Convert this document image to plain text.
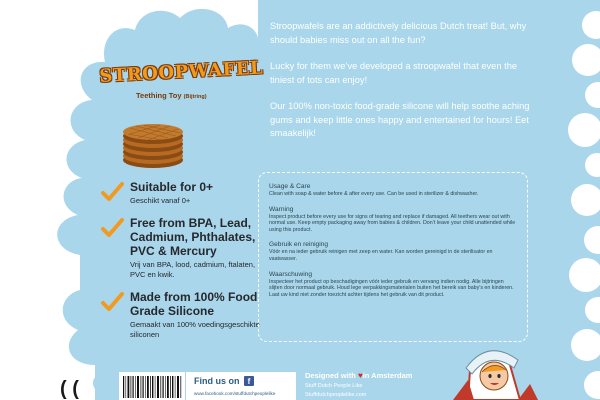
STROOPWAFEL
Teething Toy (Bijtring)
Suitable for 0+
Geschikt vanaf 0+
Free from BPA, Lead, Cadmium, Phthalates, PVC & Mercury
Vrij van BPA, lood, cadmium, ftalaten, PVC en kwik.
Made from 100% Food Grade Silicone
Gemaakt van 100% voedingsgeschikte siliconen

Stroopwafels are an addictively delicious Dutch treat! But, why should babies miss out on all the fun?

Lucky for them we’ve developed a stroopwafel that even the tiniest of tots can enjoy!

Our 100% non-toxic food-grade silicone will help soothe aching gums and keep little ones happy and entertained for hours! Eet smaakelijk!

Usage & Care
Clean with soap & water before & after every use. Can be used in sterilizer & dishwasher.
Warning
Inspect product before every use for signs of tearing and replace if damaged. All teethers wear out with normal use. Keep empty packaging away from babies & children. Don’t leave your child unattended while using this product.
Gebruik en reiniging
Vóór en na ieder gebruik reinigen met zeep en water. Kan worden gereinigd in de sterilisator en vaatwasser.
Waarschuwing
Inspecteer het product op beschadigingen vóór ieder gebruik en vervang indien nodig. Alle bijtringen slijten door normaal gebruik. Houd lege verpakkingsmaterialen buiten het bereik van baby’s en kinderen. Laat uw kind niet zonder toezicht achter tijdens het gebruik van dit product.
( (	Find us on	f
www.facebook.com/stuffdutchpeoplelike
Designed with ♥in Amsterdam
Stuff Dutch People Like
Stuffdutchpeoplelike.com
